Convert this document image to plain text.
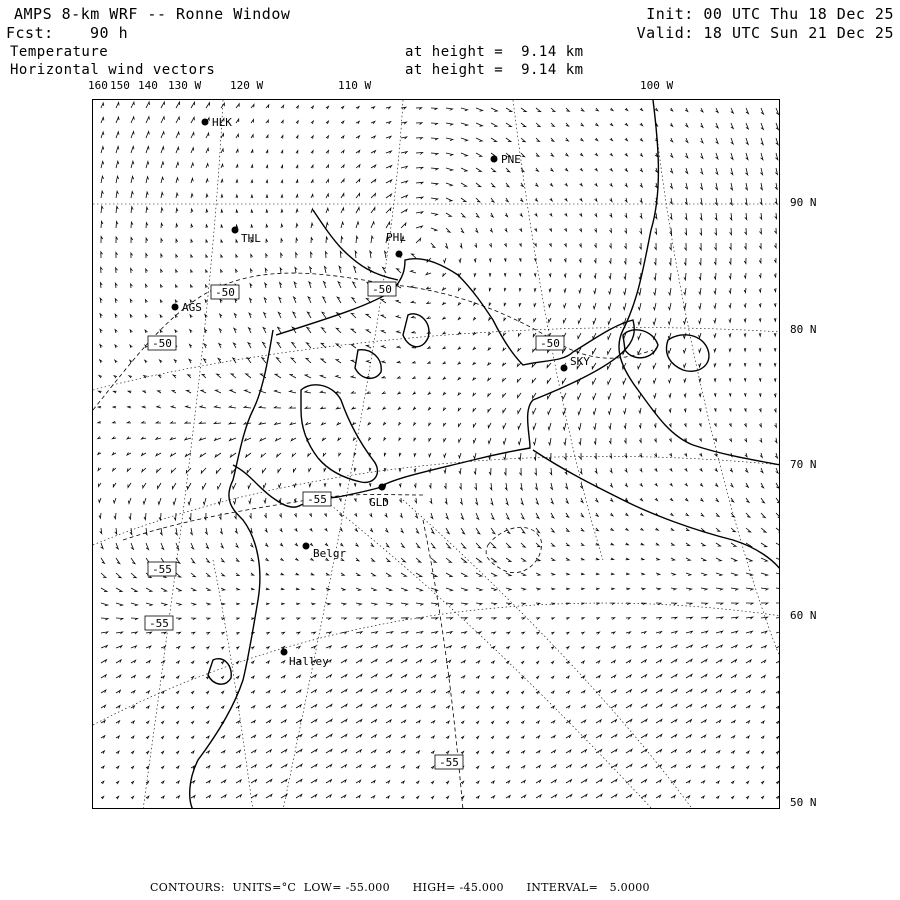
AMPS 8-km WRF -- Ronne Window
Fcst: 90 h
Temperature
Horizontal wind vectors
at height =  9.14 km
at height =  9.14 km
Init: 00 UTC Thu 18 Dec 25
Valid: 18 UTC Sun 21 Dec 25
160 150 140 130 W	120 W	110 W	100 W
90 N
80 N
70 N
60 N
50 N
-50	-50
-50	-50
-55
-55
-55
-55
HLK
PNE
THL	PHL
AGS
SKY
GLD
Belgr
Halley
CONTOURS:  UNITS=°C  LOW= -55.000      HIGH= -45.000      INTERVAL=   5.0000
